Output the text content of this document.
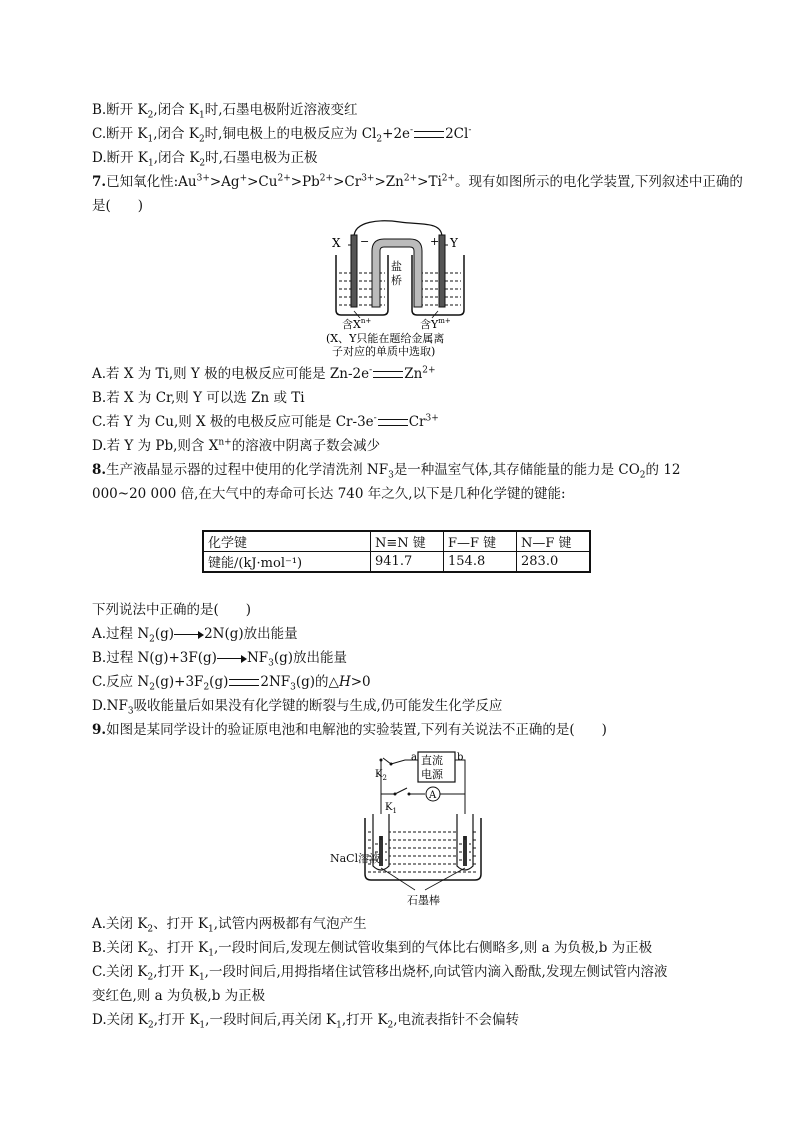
B.断开 $K_2$,闭合 $K_1$时,石墨电极附近溶液变红
C.断开 $K_1$,闭合 $K_2$时,铜电极上的电极反应为 $Cl_2+2e^-$ 2Cl-
D.断开 $K_1$,闭合 $K_2$时,石墨电极为正极
7.已知氧化性$:Au^{3+}>Ag^+>Cu^{2+}>Pb^{2+}>Cr^{3+}>Zn^{2+}>Ti^{2+}$。现有如图所示的电化学装置,下列叙述中正确的
是(　　)
X −	+ Y
盐
桥
含$X^{n+}$	含$Y^{m+}$
(X、Y只能在题给金属离
子对应的单质中选取)
A.若 X 为 Ti,则 Y 极的电极反应可能是 Zn-2e- $Zn^{2+}$
B.若 X 为 Cr,则 Y 可以选 Zn 或 Ti
C.若 Y 为 Cu,则 X 极的电极反应可能是 Cr-3e- $Cr^{3+}$
D.若 Y 为 Pb,则含 $X^{n+}$的溶液中阴离子数会减少
8.生产液晶显示器的过程中使用的化学清洗剂 $NF_3$是一种温室气体,其存储能量的能力是 $CO_2$的 12
000~20 000 倍,在大气中的寿命可长达 740 年之久,以下是几种化学键的键能:
化学键	N≡N 键	F—F 键	N—F 键
键能/(kJ·mol⁻¹)	941.7	154.8	283.0
下列说法中正确的是(　　)
A.过程 $N_2(g)$ 2N(g)放出能量
B.过程 N(g)+3F(g) $NF_3(g)$放出能量
C.反应 $N_2(g)+3F_2(g)$ $2NF_3(g)$的△H>0
$D.NF_3$吸收能量后如果没有化学键的断裂与生成,仍可能发生化学反应
9.如图是某同学设计的验证原电池和电解池的实验装置,下列有关说法不正确的是(　　)
直流
电源
a	b
$K_2$
A
$K_1$
石墨棒
NaCl溶液
A.关闭 $K_2$、打开 $K_1$,试管内两极都有气泡产生
B.关闭 $K_2$、打开 $K_1$,一段时间后,发现左侧试管收集到的气体比右侧略多,则 a 为负极,b 为正极
C.关闭 $K_2$,打开 $K_1$,一段时间后,用拇指堵住试管移出烧杯,向试管内滴入酚酞,发现左侧试管内溶液
变红色,则 a 为负极,b 为正极
D.关闭 $K_2$,打开 $K_1$,一段时间后,再关闭 $K_1$,打开 $K_2$,电流表指针不会偏转
